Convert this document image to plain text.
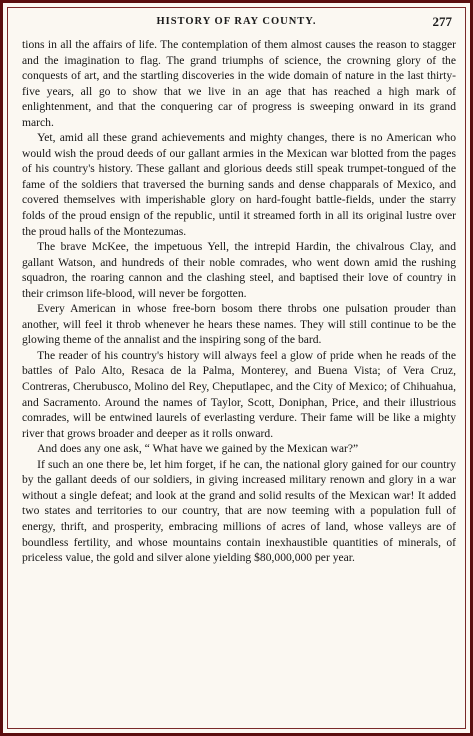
HISTORY OF RAY COUNTY.	277

tions in all the affairs of life. The contemplation of them almost causes the reason to stagger and the imagination to flag. The grand triumphs of science, the crowning glory of the conquests of art, and the startling discoveries in the wide domain of nature in the last thirty-five years, all go to show that we live in an age that has reached a high mark of enlightenment, and that the conquering car of progress is sweeping onward in its grand march.

Yet, amid all these grand achievements and mighty changes, there is no American who would wish the proud deeds of our gallant armies in the Mexican war blotted from the pages of his country's history. These gallant and glorious deeds still speak trumpet-tongued of the fame of the soldiers that traversed the burning sands and dense chapparals of Mexico, and covered themselves with imperishable glory on hard-fought battle-fields, under the starry folds of the proud ensign of the republic, until it streamed forth in all its original lustre over the proud halls of the Montezumas.

The brave McKee, the impetuous Yell, the intrepid Hardin, the chivalrous Clay, and gallant Watson, and hundreds of their noble comrades, who went down amid the rushing squadron, the roaring cannon and the clashing steel, and baptised their love of country in their crimson life-blood, will never be forgotten.

Every American in whose free-born bosom there throbs one pulsation prouder than another, will feel it throb whenever he hears these names. They will still continue to be the glowing theme of the annalist and the inspiring song of the bard.

The reader of his country's history will always feel a glow of pride when he reads of the battles of Palo Alto, Resaca de la Palma, Monterey, and Buena Vista; of Vera Cruz, Contreras, Cherubusco, Molino del Rey, Cheputlapec, and the City of Mexico; of Chihuahua, and Sacramento. Around the names of Taylor, Scott, Doniphan, Price, and their illustrious comrades, will be entwined laurels of everlasting verdure. Their fame will be like a mighty river that grows broader and deeper as it rolls onward.

And does any one ask, “ What have we gained by the Mexican war?”

If such an one there be, let him forget, if he can, the national glory gained for our country by the gallant deeds of our soldiers, in giving increased military renown and glory in a war without a single defeat; and look at the grand and solid results of the Mexican war! It added two states and territories to our country, that are now teeming with a population full of energy, thrift, and prosperity, embracing millions of acres of land, whose valleys are of boundless fertility, and whose mountains contain inexhaustible quantities of minerals, of priceless value, the gold and silver alone yielding $80,000,000 per year.
